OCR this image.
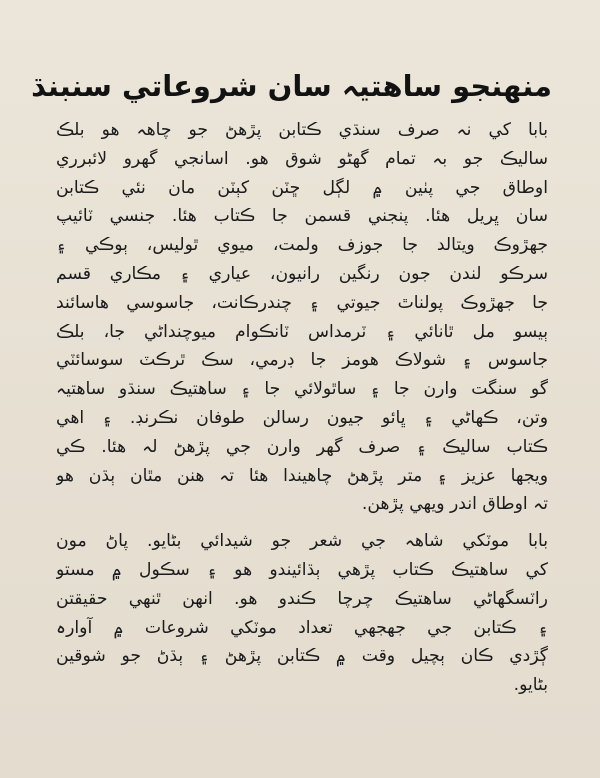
منهنجو ساهتيہ سان شروعاتي سنبنڌ
بابا کي نہ صرف سنڌي ڪتابن پڙهڻ جو چاهہ هو بلڪ
ساليڪ جو بہ تمام گهڻو شوق هو. اسانجي گهرو لائبرري
اوطاق جي پٺين ۾ لڳل ڇٽن کٻٽن مان نئي ڪتابن
سان ڀريل هئا. پنجني قسمن جا ڪتاب هئا. جنسي ٽائيپ
جهڙوڪ ويتالد جا جوزف ولمت، ميوي ٿوليس، ٻوڪي ۽
سرڪو لندن جون رنگين رانيون، عياري ۽ مڪاري قسم
جا جهڙوڪ پولناٿ جيوتي ۽ چندرڪانت، جاسوسي هاسائند
ٻيسو مل ٿانائي ۽ ٽرمداس ٽانڪوام ميوچنداڻي جا، بلڪ
جاسوس ۽ شولاڪ هومز جا ڊرمي، سڪ ٿرڪٽ سوسائٽي
گو سنگت وارن جا ۽ ساٿولائي جا ۽ ساهتيڪ سنڌو ساهتيہ
وتن، ڪهاڻي ۽ ڀائو جيون رسالن طوفان نڪرنڊ. ۽ اهي
ڪتاب ساليڪ ۽ صرف گهر وارن جي پڙهڻ لہ هئا. ڪي
ويجها عزيز ۽ متر پڙهڻ چاهيندا هئا تہ هنن مٿان ٻڌن هو
تہ اوطاق اندر ويهي پڙهن.
بابا موٽکي شاهہ جي شعر جو شيدائي بڻايو. پاڻ مون
کي ساهتيڪ ڪتاب پڙهي ٻڌائيندو هو ۽ سڪول ۾ مستو
راٽسگهاڻي ساهتيڪ چرچا ڪندو هو. انهن ٿنهي حقيقتن
۽ ڪتابن جي جهجهي تعداد موٽکي شروعات ۾ آوارہ
ڳڙدي ڪان ٻچيل وقت ۾ ڪتابن پڙهڻ ۽ ٻڌڻ جو شوقين
بڻايو.
